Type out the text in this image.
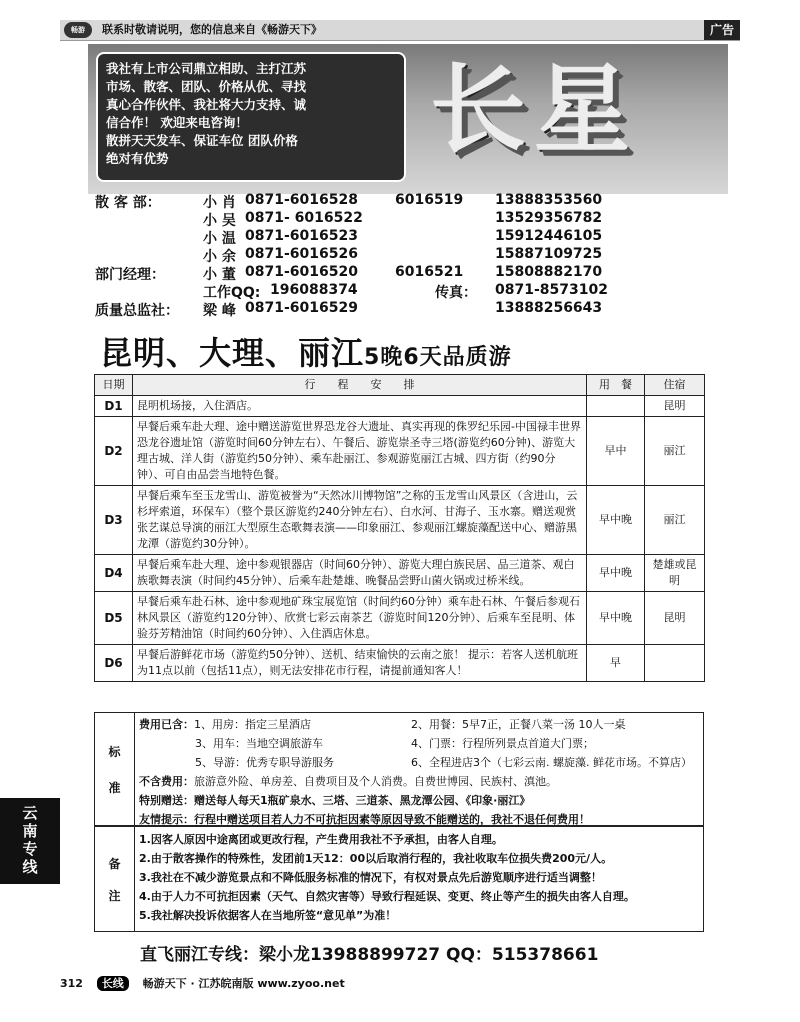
畅游	联系时敬请说明，您的信息来自《畅游天下》	广告
我社有上市公司鼎立相助、主打江苏
市场、散客、团队、价格从优、寻找
真心合作伙伴、我社将大力支持、诚
信合作！ 欢迎来电咨询！
散拼天天发车、保证车位 团队价格
绝对有优势	长星
散 客 部：	小 肖 0871-6016528	6016519 13888353560
小 吴 0871- 6016522	13529356782
小 温 0871-6016523	15912446105
小 余 0871-6016526	15887109725
部门经理：	小 董 0871-6016520	6016521 15808882170
工作QQ: 196088374	传真： 0871-8573102
质量总监社： 梁 峰 0871-6016529	13888256643
昆明、大理、丽江5晚6天品质游
日期	行　　程　　安　　排	用　餐	住宿
D1	昆明机场接，入住酒店。		昆明
D2	早餐后乘车赴大理、途中赠送游览世界恐龙谷大遗址、真实再现的侏罗纪乐园-中国禄丰世界恐龙谷遗址馆（游览时间60分钟左右）、午餐后、游览崇圣寺三塔(游览约60分钟)、游览大理古城、洋人街（游览约50分钟）、乘车赴丽江、参观游览丽江古城、四方街（约90分钟）、可自由品尝当地特色餐。	早中	丽江
D3	早餐后乘车至玉龙雪山、游览被誉为“天然冰川博物馆”之称的玉龙雪山风景区（含进山，云杉坪索道，环保车）（整个景区游览约240分钟左右）、白水河、甘海子、玉水寨。赠送观赏张艺谋总导演的丽江大型原生态歌舞表演——印象丽江、参观丽江螺旋藻配送中心、赠游黑龙潭（游览约30分钟）。	早中晚	丽江
D4	早餐后乘车赴大理、途中参观银器店（时间60分钟）、游览大理白族民居、品三道茶、观白族歌舞表演（时间约45分钟）、后乘车赴楚雄、晚餐品尝野山菌火锅或过桥米线。	早中晚	楚雄或昆明
D5	早餐后乘车赴石林、途中参观地矿珠宝展览馆（时间约60分钟）乘车赴石林、午餐后参观石林风景区（游览约120分钟）、欣赏七彩云南茶艺（游览时间120分钟）、后乘车至昆明、体验芬芳精油馆（时间约60分钟）、入住酒店休息。	早中晚	昆明
D6	早餐后游鲜花市场（游览约50分钟）、送机、结束愉快的云南之旅！ 提示：若客人送机航班为11点以前（包括11点），则无法安排花市行程，请提前通知客人！	早	
标
准
费用已含：1、用房：指定三星酒店	2、用餐：5早7正，正餐八菜一汤 10人一桌
3、用车：当地空调旅游车	4、门票：行程所列景点首道大门票；
5、导游：优秀专职导游服务	6、全程进店3个（七彩云南. 螺旋藻. 鲜花市场。不算店）
不含费用：旅游意外险、单房差、自费项目及个人消费。自费世博园、民族村、滇池。
特别赠送：赠送每人每天1瓶矿泉水、三塔、三道茶、黑龙潭公园、《印象·丽江》
友情提示：行程中赠送项目若人力不可抗拒因素等原因导致不能赠送的，我社不退任何费用！
备
注
1.因客人原因中途离团或更改行程，产生费用我社不予承担，由客人自理。
2.由于散客操作的特殊性，发团前1天12：00以后取消行程的，我社收取车位损失费200元/人。
3.我社在不减少游览景点和不降低服务标准的情况下，有权对景点先后游览顺序进行适当调整！
4.由于人力不可抗拒因素（天气、自然灾害等）导致行程延误、变更、终止等产生的损失由客人自理。
5.我社解决投诉依据客人在当地所签“意见单”为准！
直飞丽江专线：梁小龙13988899727 QQ：515378661
云南专线
312 长线 畅游天下 · 江苏皖南版 www.zyoo.net
